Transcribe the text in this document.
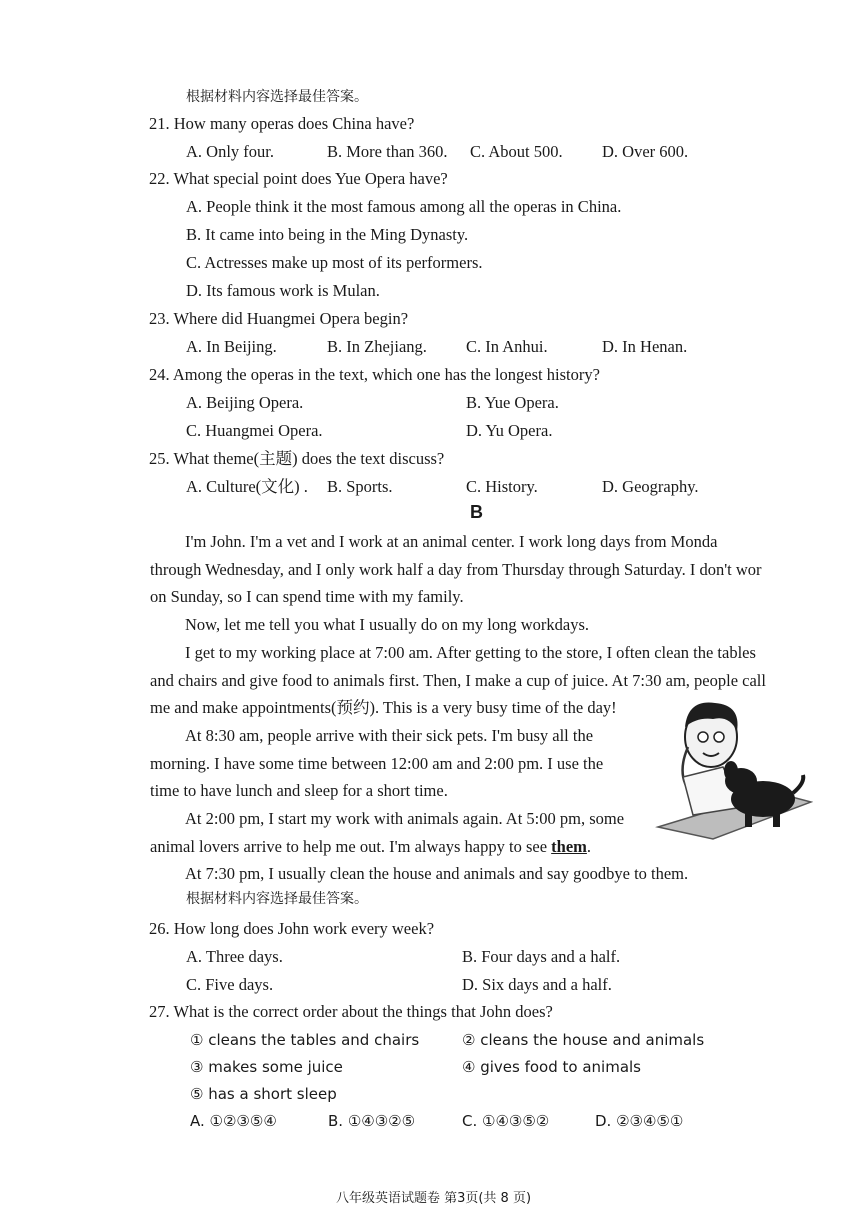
根据材料内容选择最佳答案。
21. How many operas does China have?
A. Only four.	B. More than 360. C. About 500. D. Over 600.
22. What special point does Yue Opera have?
A. People think it the most famous among all the operas in China.
B. It came into being in the Ming Dynasty.
C. Actresses make up most of its performers.
D. Its famous work is Mulan.
23. Where did Huangmei Opera begin?
A. In Beijing.	B. In Zhejiang. C. In Anhui.	D. In Henan.
24. Among the operas in the text, which one has the longest history?
A. Beijing Opera.	B. Yue Opera.
C. Huangmei Opera.	D. Yu Opera.
25. What theme(主题) does the text discuss?
A. Culture(文化) . B. Sports.	C. History.	D. Geography.
B
I'm John. I'm a vet and I work at an animal center. I work long days from Monda
through Wednesday, and I only work half a day from Thursday through Saturday. I don't wor
on Sunday, so I can spend time with my family.
Now, let me tell you what I usually do on my long workdays.
I get to my working place at 7:00 am. After getting to the store, I often clean the tables
and chairs and give food to animals first. Then, I make a cup of juice. At 7:30 am, people call
me and make appointments(预约). This is a very busy time of the day!
At 8:30 am, people arrive with their sick pets. I'm busy all the
morning. I have some time between 12:00 am and 2:00 pm. I use the
time to have lunch and sleep for a short time.
At 2:00 pm, I start my work with animals again. At 5:00 pm, some
animal lovers arrive to help me out. I'm always happy to see them.
At 7:30 pm, I usually clean the house and animals and say goodbye to them.
根据材料内容选择最佳答案。
26. How long does John work every week?
A. Three days.	B. Four days and a half.
C. Five days.	D. Six days and a half.
27. What is the correct order about the things that John does?
① cleans the tables and chairs	② cleans the house and animals
③ makes some juice	④ gives food to animals
⑤ has a short sleep
A. ①②③⑤④	B. ①④③②⑤	C. ①④③⑤②	D. ②③④⑤①
八年级英语试题卷 第3页(共 8 页)
